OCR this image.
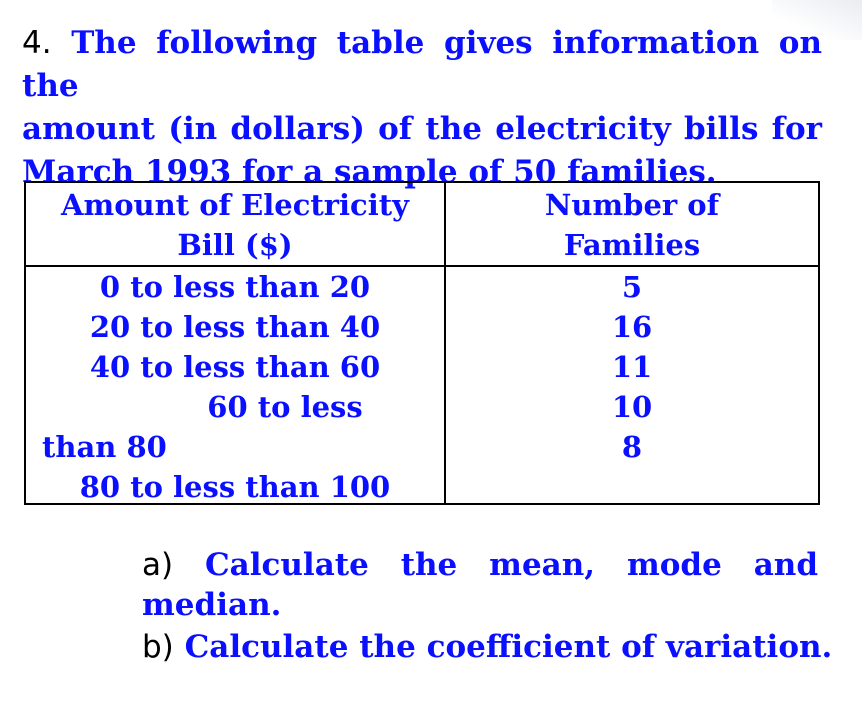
4. The following table gives information on the
amount (in dollars) of the electricity bills for
March 1993 for a sample of 50 families.
Amount of Electricity
Bill ($)
Number of
Families
0 to less than 20
20 to less than 40
40 to less than 60
60 to less
than 80
80 to less than 100
5
16
11
10
8
a) Calculate the mean, mode and
median.
b) Calculate the coefficient of variation.
